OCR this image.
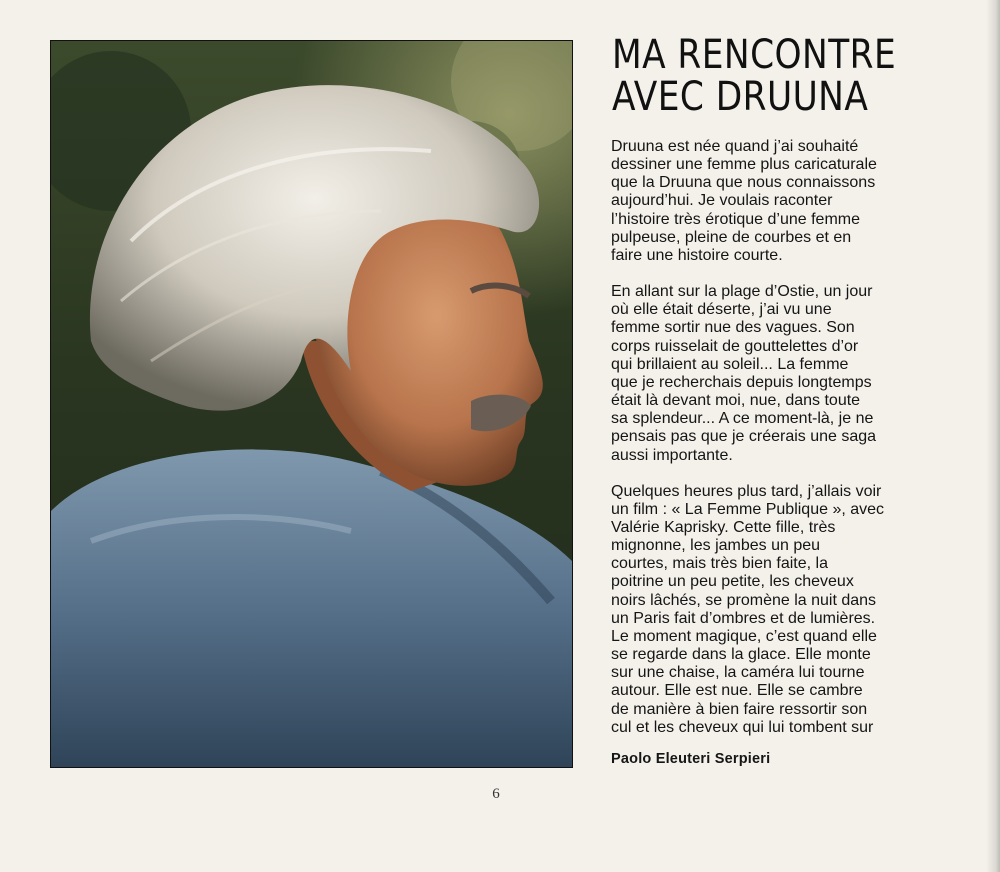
MA RENCONTRE
AVEC DRUUNA

Druuna est née quand j’ai souhaité
dessiner une femme plus caricaturale
que la Druuna que nous connaissons
aujourd’hui. Je voulais raconter
l’histoire très érotique d’une femme
pulpeuse, pleine de courbes et en
faire une histoire courte.

En allant sur la plage d’Ostie, un jour
où elle était déserte, j’ai vu une
femme sortir nue des vagues. Son
corps ruisselait de gouttelettes d’or
qui brillaient au soleil... La femme
que je recherchais depuis longtemps
était là devant moi, nue, dans toute
sa splendeur... A ce moment-là, je ne
pensais pas que je créerais une saga
aussi importante.

Quelques heures plus tard, j’allais voir
un film : « La Femme Publique », avec
Valérie Kaprisky. Cette fille, très
mignonne, les jambes un peu
courtes, mais très bien faite, la
poitrine un peu petite, les cheveux
noirs lâchés, se promène la nuit dans
un Paris fait d’ombres et de lumières.
Le moment magique, c’est quand elle
se regarde dans la glace. Elle monte
sur une chaise, la caméra lui tourne
autour. Elle est nue. Elle se cambre
de manière à bien faire ressortir son
cul et les cheveux qui lui tombent sur

Paolo Eleuteri Serpieri
6
